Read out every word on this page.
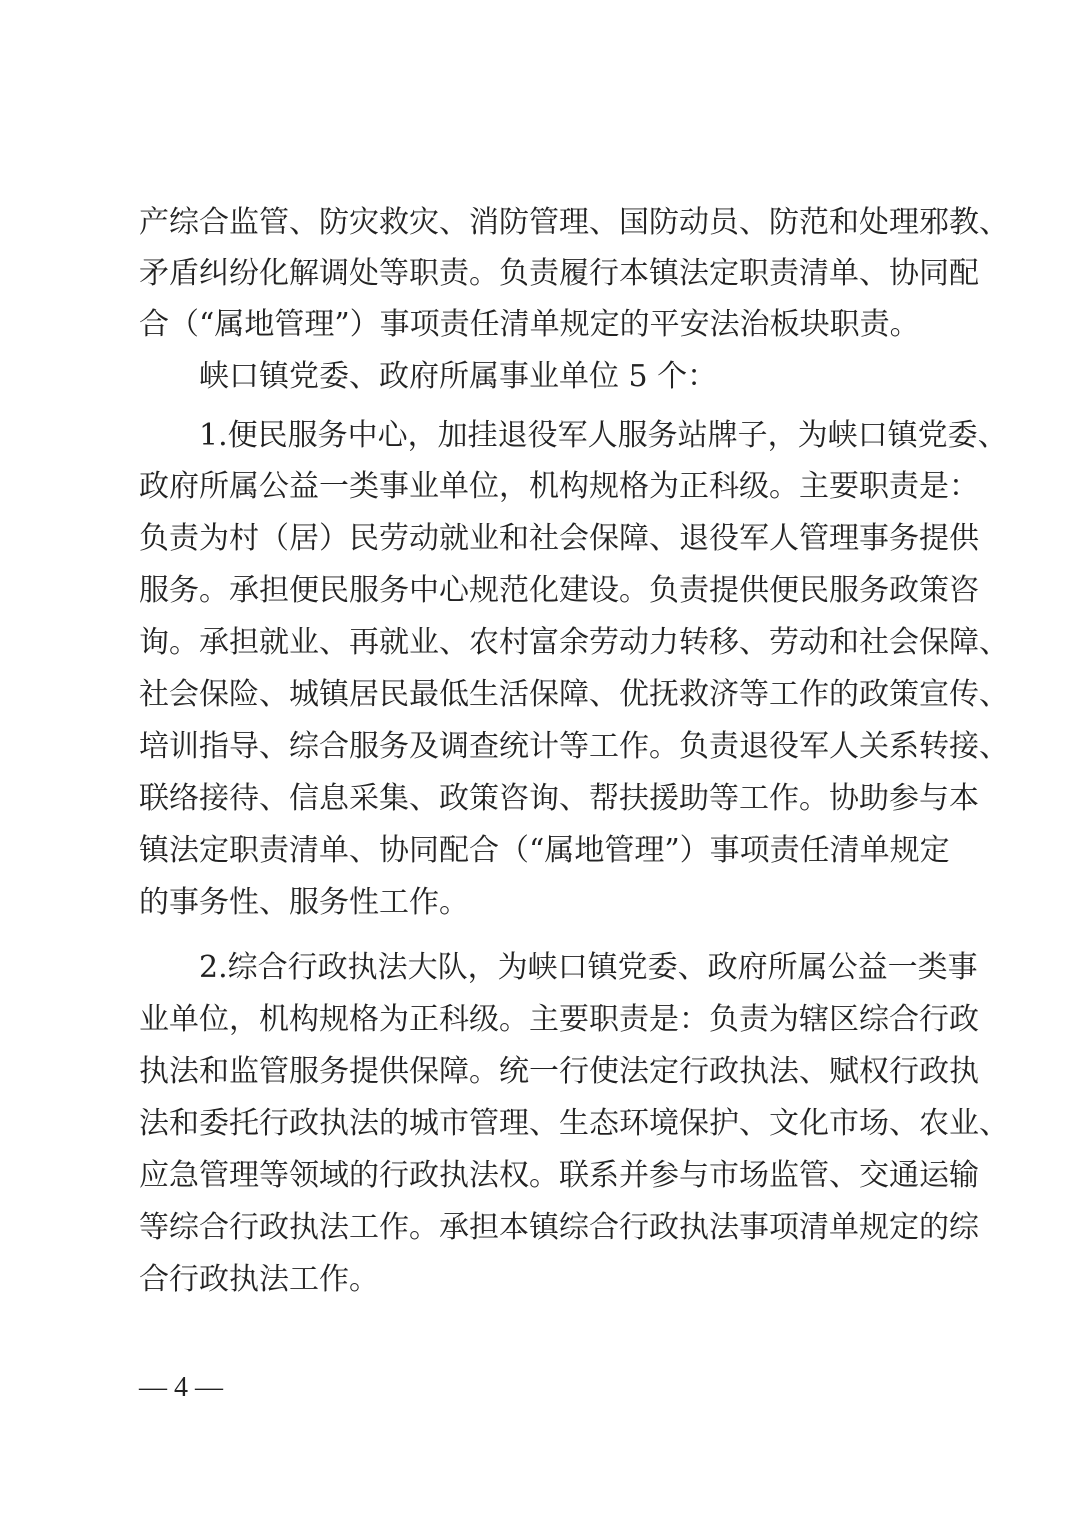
产综合监管、防灾救灾、消防管理、国防动员、防范和处理邪教、
矛盾纠纷化解调处等职责。负责履行本镇法定职责清单、协同配
合（“属地管理”）事项责任清单规定的平安法治板块职责。
峡口镇党委、政府所属事业单位 5 个：
1.便民服务中心，加挂退役军人服务站牌子，为峡口镇党委、
政府所属公益一类事业单位，机构规格为正科级。主要职责是：
负责为村（居）民劳动就业和社会保障、退役军人管理事务提供
服务。承担便民服务中心规范化建设。负责提供便民服务政策咨
询。承担就业、再就业、农村富余劳动力转移、劳动和社会保障、
社会保险、城镇居民最低生活保障、优抚救济等工作的政策宣传、
培训指导、综合服务及调查统计等工作。负责退役军人关系转接、
联络接待、信息采集、政策咨询、帮扶援助等工作。协助参与本
镇法定职责清单、协同配合（“属地管理”）事项责任清单规定
的事务性、服务性工作。
2.综合行政执法大队，为峡口镇党委、政府所属公益一类事
业单位，机构规格为正科级。主要职责是：负责为辖区综合行政
执法和监管服务提供保障。统一行使法定行政执法、赋权行政执
法和委托行政执法的城市管理、生态环境保护、文化市场、农业、
应急管理等领域的行政执法权。联系并参与市场监管、交通运输
等综合行政执法工作。承担本镇综合行政执法事项清单规定的综
合行政执法工作。
— 4 —
